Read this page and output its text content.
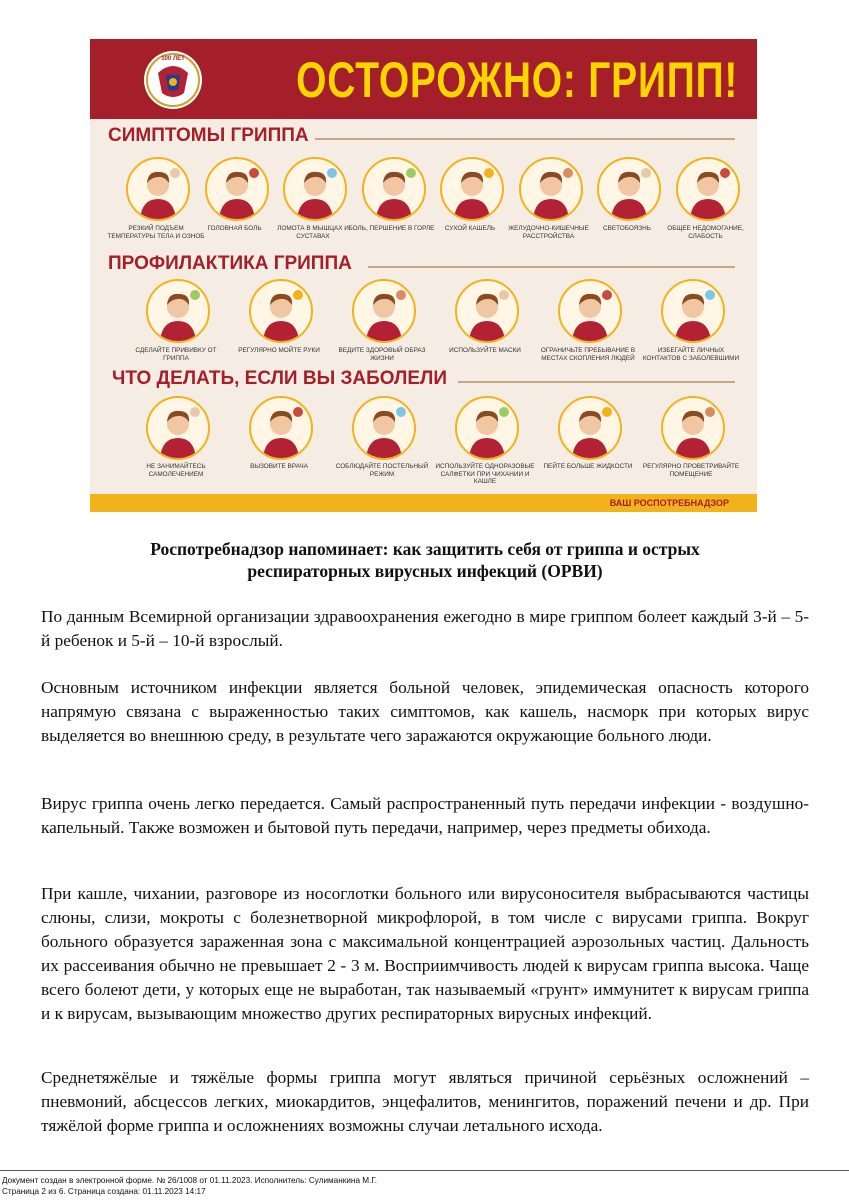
100 ЛЕТ ОСТОРОЖНО: ГРИПП!
СИМПТОМЫ ГРИППА
ПРОФИЛАКТИКА ГРИППА
ЧТО ДЕЛАТЬ, ЕСЛИ ВЫ ЗАБОЛЕЛИ
РЕЗКИЙ ПОДЪЕМ ТЕМПЕРАТУРЫ ТЕЛА И ОЗНОБ
ГОЛОВНАЯ БОЛЬ	ЛОМОТА В МЫШЦАХ И СУСТАВАХ
БОЛЬ, ПЕРШЕНИЕ В ГОРЛЕ	СУХОЙ КАШЕЛЬ	ЖЕЛУДОЧНО-КИШЕЧНЫЕ РАССТРОЙСТВА
СВЕТОБОЯЗНЬ	ОБЩЕЕ НЕДОМОГАНИЕ, СЛАБОСТЬ
СДЕЛАЙТЕ ПРИВИВКУ ОТ ГРИППА
РЕГУЛЯРНО МОЙТЕ РУКИ	ВЕДИТЕ ЗДОРОВЫЙ ОБРАЗ ЖИЗНИ
ИСПОЛЬЗУЙТЕ МАСКИ	ОГРАНИЧЬТЕ ПРЕБЫВАНИЕ В МЕСТАХ СКОПЛЕНИЯ ЛЮДЕЙ
ИЗБЕГАЙТЕ ЛИЧНЫХ КОНТАКТОВ С ЗАБОЛЕВШИМИ
НЕ ЗАНИМАЙТЕСЬ САМОЛЕЧЕНИЕМ
ВЫЗОВИТЕ ВРАЧА	СОБЛЮДАЙТЕ ПОСТЕЛЬНЫЙ РЕЖИМ
ИСПОЛЬЗУЙТЕ ОДНОРАЗОВЫЕ САЛФЕТКИ ПРИ ЧИХАНИИ И КАШЛЕ
ПЕЙТЕ БОЛЬШЕ ЖИДКОСТИ	РЕГУЛЯРНО ПРОВЕТРИВАЙТЕ ПОМЕЩЕНИЕ
ВАШ РОСПОТРЕБНАДЗОР
Роспотребнадзор напоминает: как защитить себя от гриппа и острых
респираторных вирусных инфекций (ОРВИ)
По данным Всемирной организации здравоохранения ежегодно в мире гриппом болеет каждый 3-й – 5-й ребенок и 5-й – 10-й взрослый.
Основным источником инфекции является больной человек, эпидемическая опасность которого напрямую связана с выраженностью таких симптомов, как кашель, насморк при которых вирус выделяется во внешнюю среду, в результате чего заражаются окружающие больного люди.
Вирус гриппа очень легко передается. Самый распространенный путь передачи инфекции - воздушно-капельный. Также возможен и бытовой путь передачи, например, через предметы обихода.
При кашле, чихании, разговоре из носоглотки больного или вирусоносителя выбрасываются частицы слюны, слизи, мокроты с болезнетворной микрофлорой, в том числе с вирусами гриппа. Вокруг больного образуется зараженная зона с максимальной концентрацией аэрозольных частиц. Дальность их рассеивания обычно не превышает 2 - 3 м. Восприимчивость людей к вирусам гриппа высока. Чаще всего болеют дети, у которых еще не выработан, так называемый «грунт» иммунитет к вирусам гриппа и к вирусам, вызывающим множество других респираторных вирусных инфекций.
Среднетяжёлые и тяжёлые формы гриппа могут являться причиной серьёзных осложнений – пневмоний, абсцессов легких, миокардитов, энцефалитов, менингитов, поражений печени и др. При тяжёлой форме гриппа и осложнениях возможны случаи летального исхода.
Документ создан в электронной форме. № 26/1008 от 01.11.2023. Исполнитель: Сулиманкина М.Г.
Страница 2 из 6. Страница создана: 01.11.2023 14:17
